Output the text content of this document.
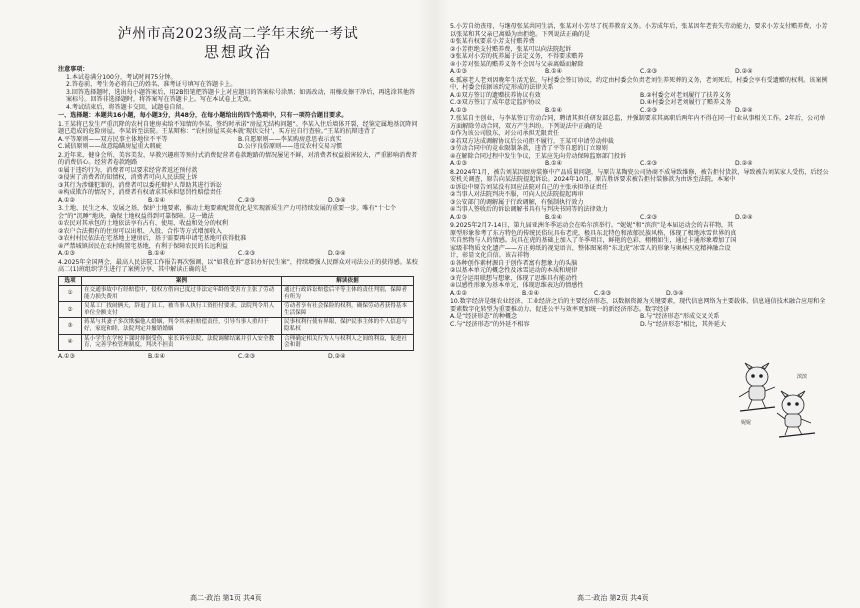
泸州市高2023级高二学年末统一考试
思想政治
注意事项：

1.本试卷满分100分，考试时间75分钟。

2.答卷前，考生务必将自己的姓名、准考证号填写在答题卡上。

3.回答选择题时，选出每小题答案后，用2B铅笔把答题卡上对应题目的答案标号涂黑；如需改动，用橡皮擦干净后，再选涂其他答案标号。回答非选择题时，将答案写在答题卡上。写在本试卷上无效。

4.考试结束后，将答题卡交回，试题卷自留。

一、选择题：本题共16小题，每小题3分，共48分，在每小题给出的四个选项中，只有一项符合题目要求。

1.王某将已发生严重沉降的农村自建房卖给不知情的李某，签约时承诺“房屋无结构问题”。李某入住后墙体开裂，经鉴定属地基沉降问题已造成的危险房屋，李某诉至法院。王某辩称：“农村房屋买卖本就‘现状交付’，买方应自行查验。”王某的抗辩违背了

A.平等原则——双方民事主体地位不平等	B.自愿原则——李某购房意思表示真实
C.诚信原则——故意隐瞒房屋重大瑕疵	D.公序良俗原则——违反农村交易习惯

2.近年来，健身会所、美容美发、早教兴趣班等预付式消费促营者卷款跑路的情况屡见不鲜，对消费者权益损害较大，严重影响消费者的消费信心。经营者卷款跑路

①属于违约行为，消费者可以要求经营者返还预付款

②侵害了消费者的知情权，消费者可向人民法院上诉

③其行为涉嫌犯罪的，消费者可以委托辩护人帮助其进行诉讼

④构成欺诈的情况下，消费者有权请求其承担惩罚性赔偿责任

A.①②	B.①④	C.②③	D.③④

3.土地、民生之本、发展之基，保护土地要素，推动土地要素配置优化是实现新质生产力可持续发展的重要一步。唯有“十七个会”的“沉睡”地块，确保土地权益得到可靠保障。这一做法

①农民对其承包的土地依法享有占有、使用、收益和处分的权利

②农户合法拥有的住房可以出租、入股、合作等方式增加收入

③农村村民依法在宅基地上建房后，基于需要再申请宅基地可获得批准

④严禁城镇居民在农村购置宅基地，有利于保障农民的长远利益

A.①③	B.①④	C.②③	D.②④

4.2025年全国两会，最高人民法院工作报告再次强调，以“如我在诉”意识办好民生案”，持续增强人民群众对司法公正的获得感。某校高二(1)班组织学生进行了案例分享，其中解读正确的是

选项	案例	解读依据
①	在交通事故中行经赔偿中，侵权方借向已度过非法定年龄的受害方主张了劳动能力损失费用	通过行政诉讼赔偿后平等主体的责任判别，保障者有所为
②	吴某工厂找闹俩天，辞退了员工，被当事人执行工资拒付要求，法院判令用人单位全额支付	劳动者享有社会保险的权利，确保劳动者获得基本生活保障
③	蒋某与其妻子多次欺骗他人婚姻，判令其承担赔偿责任，引导当事人重归于好，家庭和睦，法院判定并撤销婚姻	民事权利行使有界限，保护民事主体的个人信息与隐私权
④	某小学生在学校下课时摔倒受伤，家长诉至法院，法院调解结案并引入安全教育，完善学校管理制度，判决不担责	合理确定相关行为人与权利人之间的利益，促进社会和谐
A.①③	B.①④	C.②③	D.②④

5.小芳自幼丧母，与继母张某共同生活，张某对小芳尽了抚养教育义务。小芳成年后，张某因年老丧失劳动能力，要求小芳支付赡养费，小芳以张某和其父亲已离婚为由拒绝。下列说法正确的是

①张某有权要求小芳支付赡养费

②小芳拒绝支付赡养费，张某可以向法院起诉

③张某对小芳的抚养属于法定义务，不得要求赡养

④小芳对张某的赡养义务不会因与父亲离婚而解除

A.①③	B.①④	C.②③	D.②④

6.孤寡老人老刘因晚年生活无依，与村委会签订协议，约定由村委会负责老刘生养死葬的义务，老刘死后，村委会享有受遗赠的权利。该案例中，村委会依据该约定形成的法律关系

A.①双方签订的遗赠扶养协议有效	B.②村委会对老刘履行了扶养义务
C.③双方签订了成年意定监护协议	D.④村委会对老刘履行了赡养义务
A.①③	B.①④	C.②③	D.②④

7.张某自主创业，与李某签订劳动合同，聘请其担任研发部总监，并强制要求其离职后两年内不得在同一行业从事相关工作。2年后，公司单方面解除劳动合同，双方产生纠纷。下列说法中正确的是

①作为该公司股东，对公司承担无限责任

②若双方达成调解协议后公司拒不履行，王某可申请劳动仲裁

③劳动合同中的竞业限制条款，违背了平等自愿的订立原则

④在解除合同过程中发生争议，王某应先向劳动保障监察部门投诉

A.①③	B.①④	C.②③	D.②④

8.2024年1月，被告刘某因厨房装修中产品质量问题，与原告某陶瓷公司协商不成导致维修，被告拒付货款，导致被告刘某家人受伤，后经公安机关调查，原告向某法院提起诉讼。2024年10月，原告胜诉要求被告拒付装修款为由诉至法院。本案中

①诉讼中原告刘某没有回应法院对自己的主张承担举证责任

②当事人对法院判决不服，可向人民法院提起再审

③公安部门的调解属于行政调解，有强制执行效力

④当事人签收后的诉讼调解书具有与判决书同等的法律效力

A.①③	B.①④	C.②③	D.②④

9.2025年2月7-14日，第九届亚洲冬季运动会在哈尔滨举行。“妮妮”和“滨滨”是本届运动会的吉祥物，其原型形象参考了东方特色的传统民俗玩具布老虎，极具东北特色和浓郁民族风格，体现了极地冰雪世界的真实自然物与人的情感。玩具在虎的基础上加入了冬季项目，鲜艳的色彩，栩栩如生，通过卡通形象增加了国家级非物质文化遗产——方正剪纸的视觉语言，整体图案将“东北虎”冰雪人的形象与奥林匹克精神融合设计，彰显文化自信。该吉祥物

①各种创作素材源自于创作者富有想象力的头脑

②以基本单元的概念性及冰雪运动的本质和规律

③充分运用联想与想象，体现了思维具有能动性

④以感性形象为基本单元，体现思维表达的情感性

A.①②	B.①④	C.②③	D.③④

10.数字经济是继农业经济、工业经济之后的主要经济形态，以数据资源为关键要素，现代信息网络为主要载体，信息通信技术融合应用和全要素数字化转型为重要推动力，促进公平与效率更加统一的新经济形态。数字经济

A.是“经济形态”的种概念	B.与“经济形态”形成交叉关系
C.与“经济形态”的外延不相容	D.与“经济形态”相比，其外延大
滨滨
妮妮
高二·政治 第1页 共4页	高二·政治 第2页 共4页
